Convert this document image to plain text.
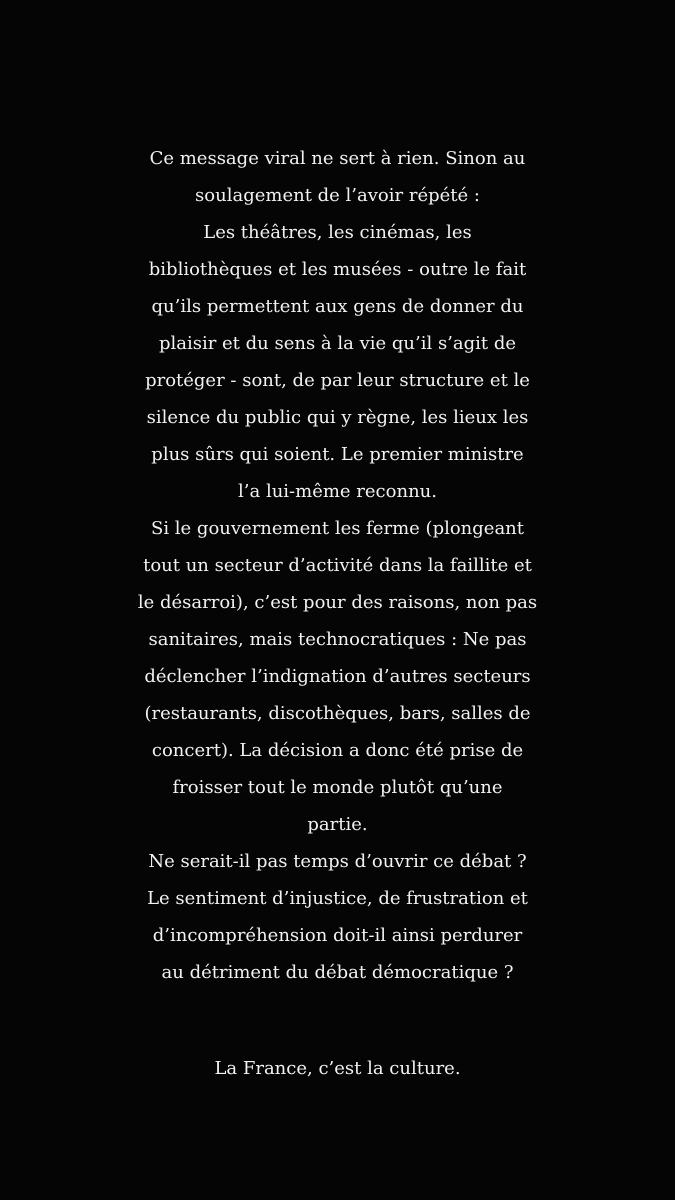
Ce message viral ne sert à rien. Sinon au
soulagement de l’avoir répété :
Les théâtres, les cinémas, les
bibliothèques et les musées - outre le fait
qu’ils permettent aux gens de donner du
plaisir et du sens à la vie qu’il s’agit de
protéger - sont, de par leur structure et le
silence du public qui y règne, les lieux les
plus sûrs qui soient. Le premier ministre
l’a lui-même reconnu.
Si le gouvernement les ferme (plongeant
tout un secteur d’activité dans la faillite et
le désarroi), c’est pour des raisons, non pas
sanitaires, mais technocratiques : Ne pas
déclencher l’indignation d’autres secteurs
(restaurants, discothèques, bars, salles de
concert). La décision a donc été prise de
froisser tout le monde plutôt qu’une
partie.
Ne serait-il pas temps d’ouvrir ce débat ?
Le sentiment d’injustice, de frustration et
d’incompréhension doit-il ainsi perdurer
au détriment du débat démocratique ?
La France, c’est la culture.
